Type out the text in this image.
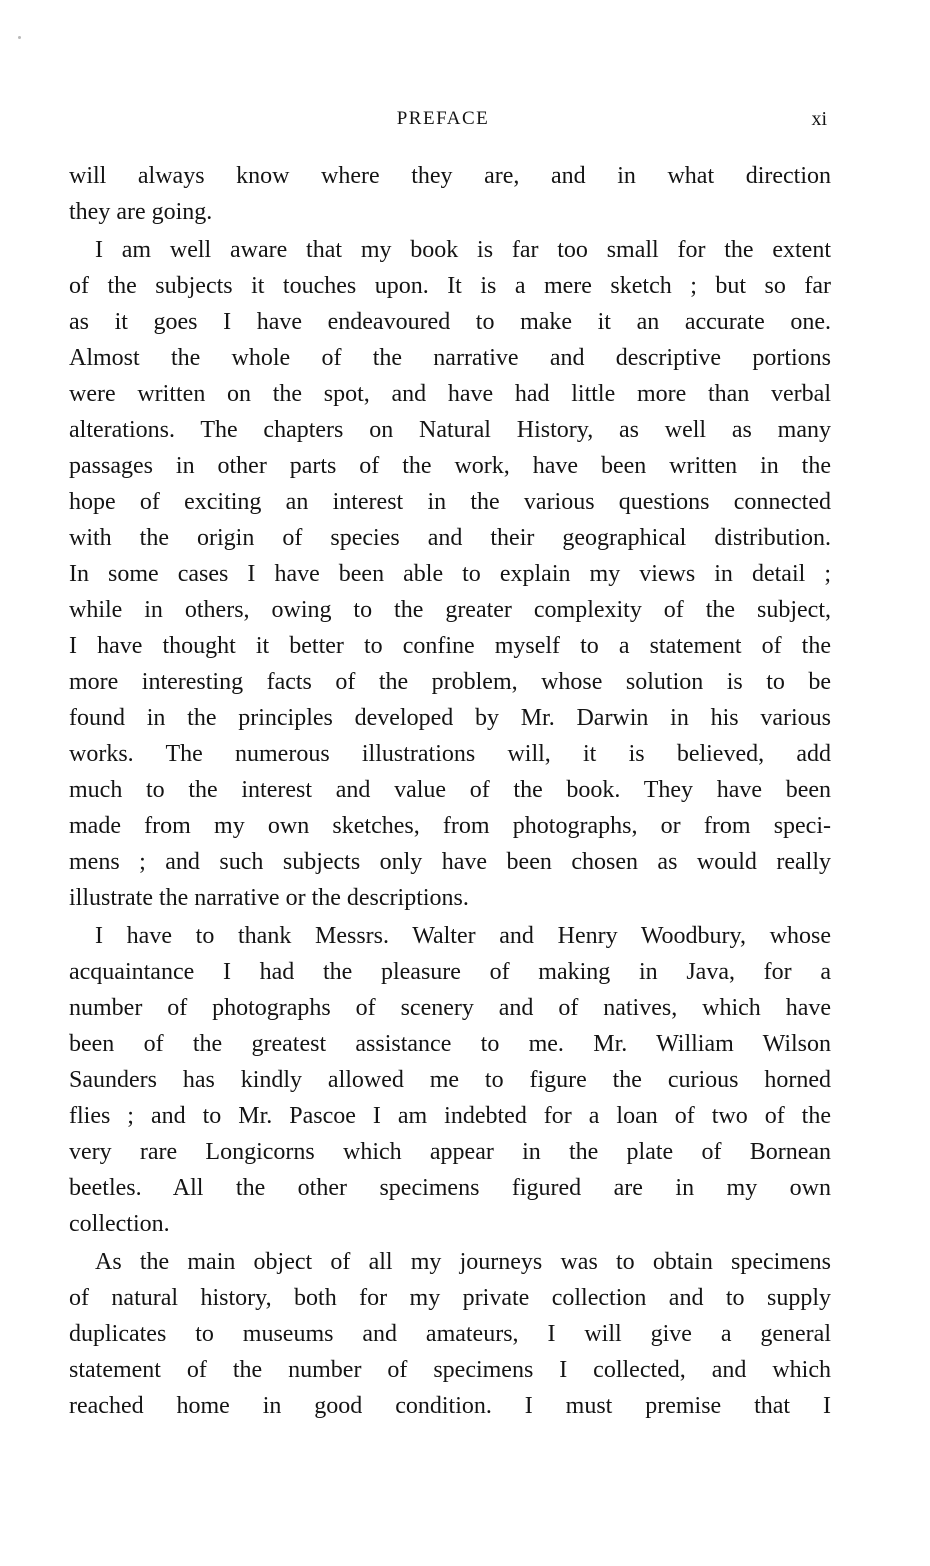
PREFACE	xi
will always know where they are, and in what direction
they are going.
I am well aware that my book is far too small for the extent
of the subjects it touches upon. It is a mere sketch ; but so far
as it goes I have endeavoured to make it an accurate one.
Almost the whole of the narrative and descriptive portions
were written on the spot, and have had little more than verbal
alterations. The chapters on Natural History, as well as many
passages in other parts of the work, have been written in the
hope of exciting an interest in the various questions connected
with the origin of species and their geographical distribution.
In some cases I have been able to explain my views in detail ;
while in others, owing to the greater complexity of the subject,
I have thought it better to confine myself to a statement of the
more interesting facts of the problem, whose solution is to be
found in the principles developed by Mr. Darwin in his various
works. The numerous illustrations will, it is believed, add
much to the interest and value of the book. They have been
made from my own sketches, from photographs, or from speci-
mens ; and such subjects only have been chosen as would really
illustrate the narrative or the descriptions.
I have to thank Messrs. Walter and Henry Woodbury, whose
acquaintance I had the pleasure of making in Java, for a
number of photographs of scenery and of natives, which have
been of the greatest assistance to me. Mr. William Wilson
Saunders has kindly allowed me to figure the curious horned
flies ; and to Mr. Pascoe I am indebted for a loan of two of the
very rare Longicorns which appear in the plate of Bornean
beetles. All the other specimens figured are in my own
collection.
As the main object of all my journeys was to obtain specimens
of natural history, both for my private collection and to supply
duplicates to museums and amateurs, I will give a general
statement of the number of specimens I collected, and which
reached home in good condition. I must premise that I
